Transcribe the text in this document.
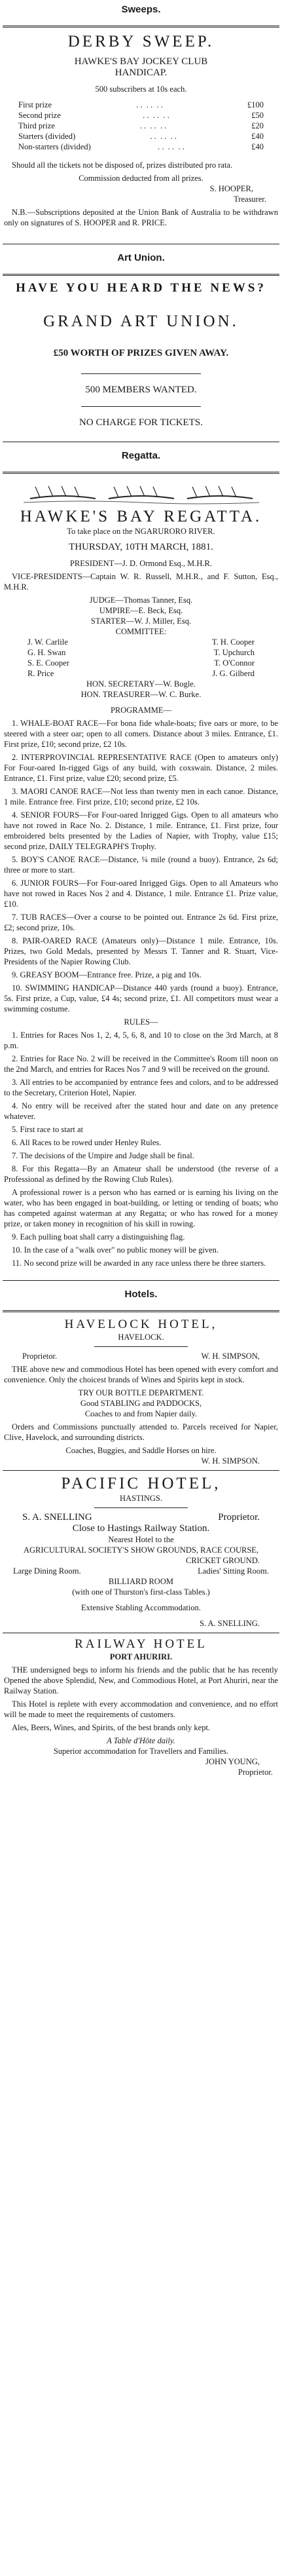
Sweeps.
DERBY SWEEP.
HAWKE'S BAY JOCKEY CLUB
HANDICAP.
500 subscribers at 10s each.
First prize	. .  . .  . .	£100
Second prize	. .  . .  . .	£50
Third prize	. .  . .  . .	£20
Starters (divided)	. .  . .  . .	£40
Non-starters (divided)	. .  . .  . .	£40
Should all the tickets not be disposed of, prizes distributed pro rata.
Commission deducted from all prizes.
S. HOOPER,
Treasurer.
N.B.—Subscriptions deposited at the Union Bank of Australia to be withdrawn only on signatures of S. HOOPER and R. PRICE.
Art Union.
HAVE YOU HEARD THE NEWS?
GRAND ART UNION.
£50 WORTH OF PRIZES GIVEN AWAY.
500 MEMBERS WANTED.
NO CHARGE FOR TICKETS.
Regatta.
HAWKE'S BAY REGATTA.
To take place on the NGARURORO RIVER.
THURSDAY, 10TH MARCH, 1881.
PRESIDENT—J. D. Ormond Esq., M.H.R.
VICE-PRESIDENTS—Captain W. R. Russell, M.H.R., and F. Sutton, Esq., M.H.R.
JUDGE—Thomas Tanner, Esq.
UMPIRE—E. Beck, Esq.
STARTER—W. J. Miller, Esq.
COMMITTEE:
J. W. Carlile	T. H. Cooper
G. H. Swan	T. Upchurch
S. E. Cooper	T. O'Connor
R. Price	J. G. Gilberd
HON. SECRETARY—W. Bogle.
HON. TREASURER—W. C. Burke.
PROGRAMME—
1. WHALE-BOAT RACE—For bona fide whale-boats; five oars or more, to be steered with a steer oar; open to all comers. Distance about 3 miles. Entrance, £1. First prize, £10; second prize, £2 10s.
2. INTERPROVINCIAL REPRESENTATIVE RACE (Open to amateurs only) For Four-oared In-rigged Gigs of any build, with coxswain. Distance, 2 miles. Entrance, £1. First prize, value £20; second prize, £5.
3. MAORI CANOE RACE—Not less than twenty men in each canoe. Distance, 1 mile. Entrance free. First prize, £10; second prize, £2 10s.
4. SENIOR FOURS—For Four-oared Inrigged Gigs. Open to all amateurs who have not rowed in Race No. 2. Distance, 1 mile. Entrance, £1. First prize, four embroidered belts presented by the Ladies of Napier, with Trophy, value £15; second prize, DAILY TELEGRAPH'S Trophy.
5. BOY'S CANOE RACE—Distance, ¼ mile (round a buoy). Entrance, 2s 6d; three or more to start.
6. JUNIOR FOURS—For Four-oared Inrigged Gigs. Open to all Amateurs who have not rowed in Races Nos 2 and 4. Distance, 1 mile. Entrance £1. Prize value, £10.
7. TUB RACES—Over a course to be pointed out. Entrance 2s 6d. First prize, £2; second prize, 10s.
8. PAIR-OARED RACE (Amateurs only)—Distance 1 mile. Entrance, 10s. Prizes, two Gold Medals, presented by Messrs T. Tanner and R. Stuart, Vice-Presidents of the Napier Rowing Club.
9. GREASY BOOM—Entrance free. Prize, a pig and 10s.
10. SWIMMING HANDICAP—Distance 440 yards (round a buoy). Entrance, 5s. First prize, a Cup, value, £4 4s; second prize, £1. All competitors must wear a swimming costume.
RULES—
1. Entries for Races Nos 1, 2, 4, 5, 6, 8, and 10 to close on the 3rd March, at 8 p.m.
2. Entries for Race No. 2 will be received in the Committee's Room till noon on the 2nd March, and entries for Races Nos 7 and 9 will be received on the ground.
3. All entries to be accompanied by entrance fees and colors, and to be addressed to the Secretary, Criterion Hotel, Napier.
4. No entry will be received after the stated hour and date on any pretence whatever.
5. First race to start at
6. All Races to be rowed under Henley Rules.
7. The decisions of the Umpire and Judge shall be final.
8. For this Regatta—By an Amateur shall be understood (the reverse of a Professional as defined by the Rowing Club Rules).
A professional rower is a person who has earned or is earning his living on the water, who has been engaged in boat-building, or letting or tending of boats; who has competed against waterman at any Regatta; or who has rowed for a money prize, or taken money in recognition of his skill in rowing.
9. Each pulling boat shall carry a distinguishing flag.
10. In the case of a "walk over" no public money will be given.
11. No second prize will be awarded in any race unless there be three starters.
Hotels.
HAVELOCK HOTEL,
HAVELOCK.
Proprietor.	W. H. SIMPSON,
THE above new and commodious Hotel has been opened with every comfort and convenience. Only the choicest brands of Wines and Spirits kept in stock.
TRY OUR BOTTLE DEPARTMENT.
Good STABLING and PADDOCKS,
Coaches to and from Napier daily.
Orders and Commissions punctually attended to. Parcels received for Napier, Clive, Havelock, and surrounding districts.
Coaches, Buggies, and Saddle Horses on hire.
W. H. SIMPSON.
PACIFIC HOTEL,
HASTINGS.
S. A. SNELLING	Proprietor.
Close to Hastings Railway Station.
Nearest Hotel to the
AGRICULTURAL SOCIETY'S SHOW GROUNDS, RACE COURSE,
CRICKET GROUND.
Large Dining Room.	Ladies' Sitting Room.
BILLIARD ROOM
(with one of Thurston's first-class Tables.)
Extensive Stabling Accommodation.
S. A. SNELLING.
RAILWAY HOTEL
PORT AHURIRI.
THE undersigned begs to inform his friends and the public that he has recently Opened the above Splendid, New, and Commodious Hotel, at Port Ahuriri, near the Railway Station.
This Hotel is replete with every accommodation and convenience, and no effort will be made to meet the requirements of customers.
Ales, Beers, Wines, and Spirits, of the best brands only kept.
A Table d'Hôte daily.
Superior accommodation for Travellers and Families.
JOHN YOUNG,
Proprietor.
